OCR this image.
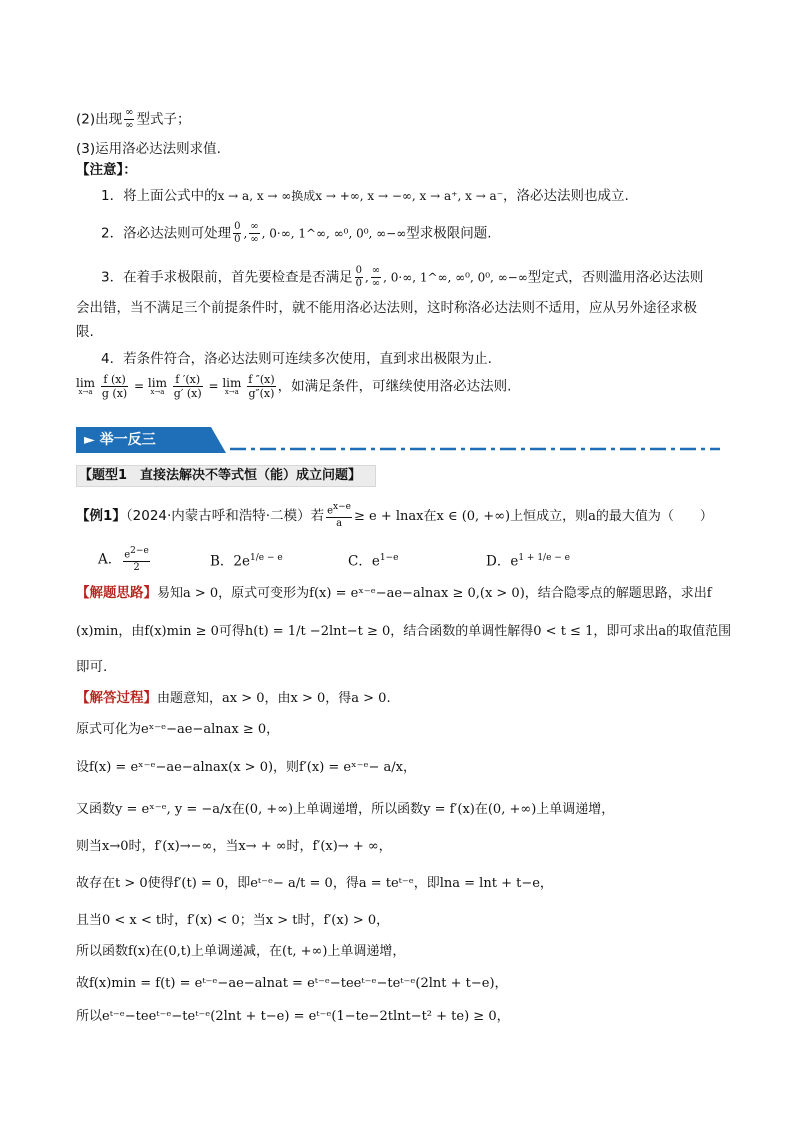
(2)出现 $\frac{\infty}{\infty}$ 型式子；
(3)运用洛必达法则求值.
【注意】：
1．将上面公式中的x → a, x → ∞换成x → +∞, x → −∞, x → a⁺, x → a⁻，洛必达法则也成立.
2．洛必达法则可处理 $\frac{0}{0}$ , $\frac{\infty}{\infty}$ , 0·∞, 1^∞, ∞⁰, 0⁰, ∞−∞型求极限问题.
3．在着手求极限前，首先要检查是否满足 $\frac{0}{0}$ , $\frac{\infty}{\infty}$ , 0·∞, 1^∞, ∞⁰, 0⁰, ∞−∞型定式，否则滥用洛必达法则
会出错，当不满足三个前提条件时，就不能用洛必达法则，这时称洛必达法则不适用，应从另外途径求极
限.
4．若条件符合，洛必达法则可连续多次使用，直到求出极限为止.
lim
x→a
$\frac{f (x)}{g (x)} = \lim$
x→a
$\frac{f '(x)}{g' (x)} = \lim$
x→a
$\frac{f ''(x)}{g''(x)}$ ，如满足条件，可继续使用洛必达法则.
► 举一反三
【题型1　直接法解决不等式恒（能）成立问题】
【例1】（2024·内蒙古呼和浩特·二模）若 $\frac{e^{x-e}}{a} \ge e$ + lnax在x ∈ (0, +∞)上恒成立，则a的最大值为（　　）
A． $\frac{e^{2-e}}{2}$	B．$2e^{1/e - e}$	C．$e^{1-e}$	D．$e^{1 + 1/e - e}$
【解题思路】易知a > 0，原式可变形为f(x) = eˣ⁻ᵉ−ae−alnax ≥ 0,(x > 0)，结合隐零点的解题思路，求出f
(x)min，由f(x)min ≥ 0可得h(t) = 1/t −2lnt−t ≥ 0，结合函数的单调性解得0 < t ≤ 1，即可求出a的取值范围
即可.
【解答过程】由题意知，ax > 0，由x > 0，得a > 0.
原式可化为eˣ⁻ᵉ−ae−alnax ≥ 0，
设f(x) = eˣ⁻ᵉ−ae−alnax(x > 0)，则f′(x) = eˣ⁻ᵉ− a/x，
又函数y = eˣ⁻ᵉ, y = −a/x在(0, +∞)上单调递增，所以函数y = f′(x)在(0, +∞)上单调递增，
则当x→0时，f′(x)→−∞，当x→ + ∞时，f′(x)→ + ∞，
故存在t > 0使得f′(t) = 0，即eᵗ⁻ᵉ− a/t = 0，得a = teᵗ⁻ᵉ，即lna = lnt + t−e，
且当0 < x < t时，f′(x) < 0；当x > t时，f′(x) > 0，
所以函数f(x)在(0,t)上单调递减，在(t, +∞)上单调递增，
故f(x)min = f(t) = eᵗ⁻ᵉ−ae−alnat = eᵗ⁻ᵉ−teeᵗ⁻ᵉ−teᵗ⁻ᵉ(2lnt + t−e)，
所以eᵗ⁻ᵉ−teeᵗ⁻ᵉ−teᵗ⁻ᵉ(2lnt + t−e) = eᵗ⁻ᵉ(1−te−2tlnt−t² + te) ≥ 0，
